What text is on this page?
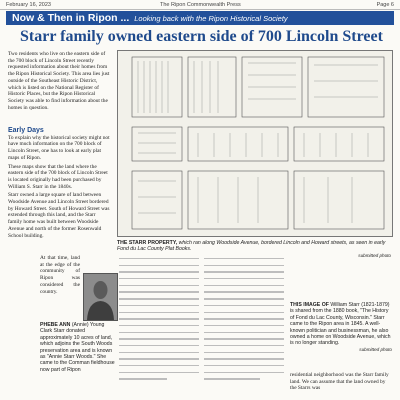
February 16, 2023	The Ripon Commonwealth Press	Page 6
Now & Then in Ripon ... Looking back with the Ripon Historical Society
Starr family owned eastern side of 700 Lincoln Street
Two residents who live on the eastern side of the 700 block of Lincoln Street recently requested information about their homes from the Ripon Historical Society. This area lies just outside of the Southeast Historic District, which is listed on the National Register of Historic Places, but the Ripon Historical Society was able to find information about the homes in question.
Early Days
To explain why the historical society might not have much information on the 700 block of Lincoln Street, one has to look at early plat maps of Ripon.
These maps show that the land where the eastern side of the 700 block of Lincoln Street is located originally had been purchased by William S. Starr in the 1840s.
Starr owned a large square of land between Woodside Avenue and Lincoln Street bordered by Howard Street. South of Howard Street was extended through this land, and the Starr family home was built between Woodside Avenue and north of the former Rosenwald School building.
At that time, land at the edge of the community of Ripon was considered the country.
THE STARR PROPERTY, which ran along Woodside Avenue, bordered Lincoln and Howard streets, as seen in early Fond du Lac County Plat Books.
submitted photo
PHEBE ANN (Annie) Young Clark Starr donated approximately 10 acres of land, which adjoins the South Woods preservation area and is known as "Annie Starr Woods." She came to the Comman fieldhouse now part of Ripon
THIS IMAGE OF William Starr (1821-1879) is shared from the 1880 book, "The History of Fond du Lac County, Wisconsin." Starr came to the Ripon area in 1845. A well-known politician and businessman, he also owned a home on Woodside Avenue, which is no longer standing.
submitted photo
residential neighborhood was the Starr family land. We can assume that the land owned by the Starrs was
